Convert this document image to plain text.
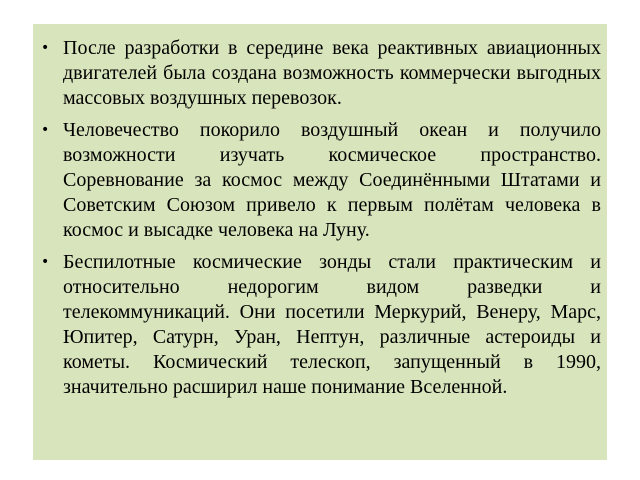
• После разработки в середине века реактивных авиационных двигателей была создана возможность коммерчески выгодных массовых воздушных перевозок.
• Человечество покорило воздушный океан и получило возможности изучать космическое пространство. Соревнование за космос между Соединёнными Штатами и Советским Союзом привело к первым полётам человека в космос и высадке человека на Луну.
• Беспилотные космические зонды стали практическим и относительно недорогим видом разведки и телекоммуникаций. Они посетили Меркурий, Венеру, Марс, Юпитер, Сатурн, Уран, Нептун, различные астероиды и кометы. Космический телескоп, запущенный в 1990, значительно расширил наше понимание Вселенной.
